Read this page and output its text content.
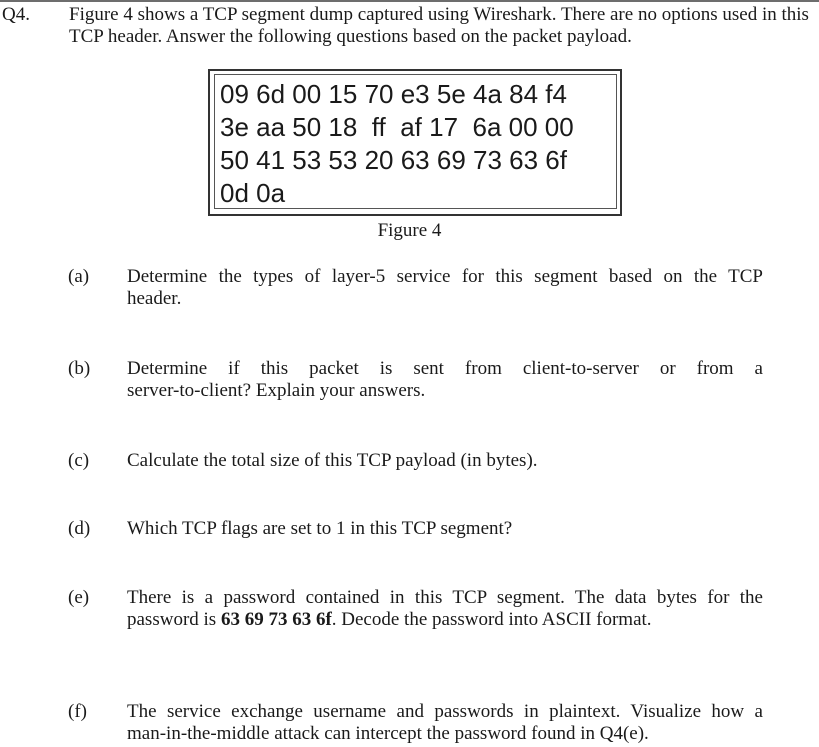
Q4. Figure 4 shows a TCP segment dump captured using Wireshark. There are no options used in this TCP header. Answer the following questions based on the packet payload.
09 6d 00 15 70 e3 5e 4a 84 f4
3e aa 50 18  ff  af 17  6a 00 00
50 41 53 53 20 63 69 73 63 6f
0d 0a
Figure 4
(a) Determine the types of layer-5 service for this segment based on the TCP
header.
(b) Determine if this packet is sent from client-to-server or from a
server-to-client? Explain your answers.
(c) Calculate the total size of this TCP payload (in bytes).
(d) Which TCP flags are set to 1 in this TCP segment?
(e) There is a password contained in this TCP segment. The data bytes for the
password is 63 69 73 63 6f. Decode the password into ASCII format.
(f) The service exchange username and passwords in plaintext. Visualize how a
man-in-the-middle attack can intercept the password found in Q4(e).
